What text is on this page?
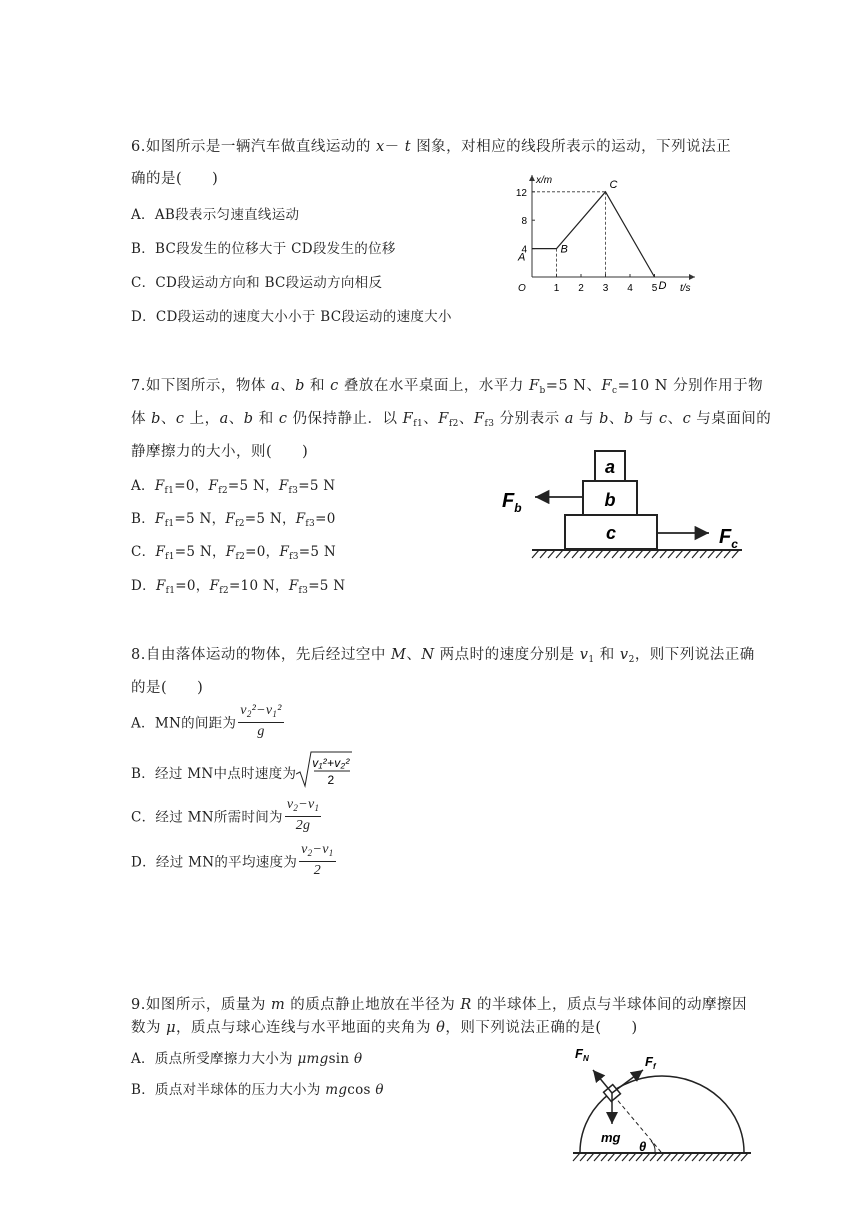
6.如图所示是一辆汽车做直线运动的 x－ t 图象，对相应的线段所表示的运动，下列说法正
确的是(　　)
A．AB段表示匀速直线运动
B．BC段发生的位移大于 CD段发生的位移
C．CD段运动方向和 BC段运动方向相反
D．CD段运动的速度大小小于 BC段运动的速度大小
x/m
t/s
O	1 2 3 4 5
4
8
12
A
B
C
D
7.如下图所示，物体 a、b 和 c 叠放在水平桌面上，水平力 $F_b=5$ N、$F_c=10$ N 分别作用于物
体 b、c 上，a、b 和 c 仍保持静止．以 $F_{f1}$、$F_{f2}$、$F_{f3}$ 分别表示 a 与 b、b 与 c、c 与桌面间的
静摩擦力的大小，则(　　)
A．$F_{f1}=0$，$F_{f2}=5$ N，$F_{f3}=5$ N
B．$F_{f1}=5$ N，$F_{f2}=5$ N，$F_{f3}=0$
C．$F_{f1}=5$ N，$F_{f2}=0$，$F_{f3}=5$ N
D．$F_{f1}=0$，$F_{f2}=10$ N，$F_{f3}=5$ N
a
b
c
$F_b$
$F_c$
8.自由落体运动的物体，先后经过空中 M、N 两点时的速度分别是 $v_1$ 和 $v_2$，则下列说法正确
的是(　　)
A．MN的间距为 $\frac{v_2^2-v_1^2}{g}$
B．经过 MN中点时速度为
v₁²+v₂²
2
C．经过 MN所需时间为 $\frac{v_2-v_1}{2g}$
D．经过 MN的平均速度为 $\frac{v_2-v_1}{2}$
9.如图所示，质量为 m 的质点静止地放在半径为 R 的半球体上，质点与半球体间的动摩擦因
数为 μ，质点与球心连线与水平地面的夹角为 θ，则下列说法正确的是(　　)
A．质点所受摩擦力大小为 μmgsin θ
B．质点对半球体的压力大小为 mgcos θ
$F_N$	$F_f$
mg
θ
